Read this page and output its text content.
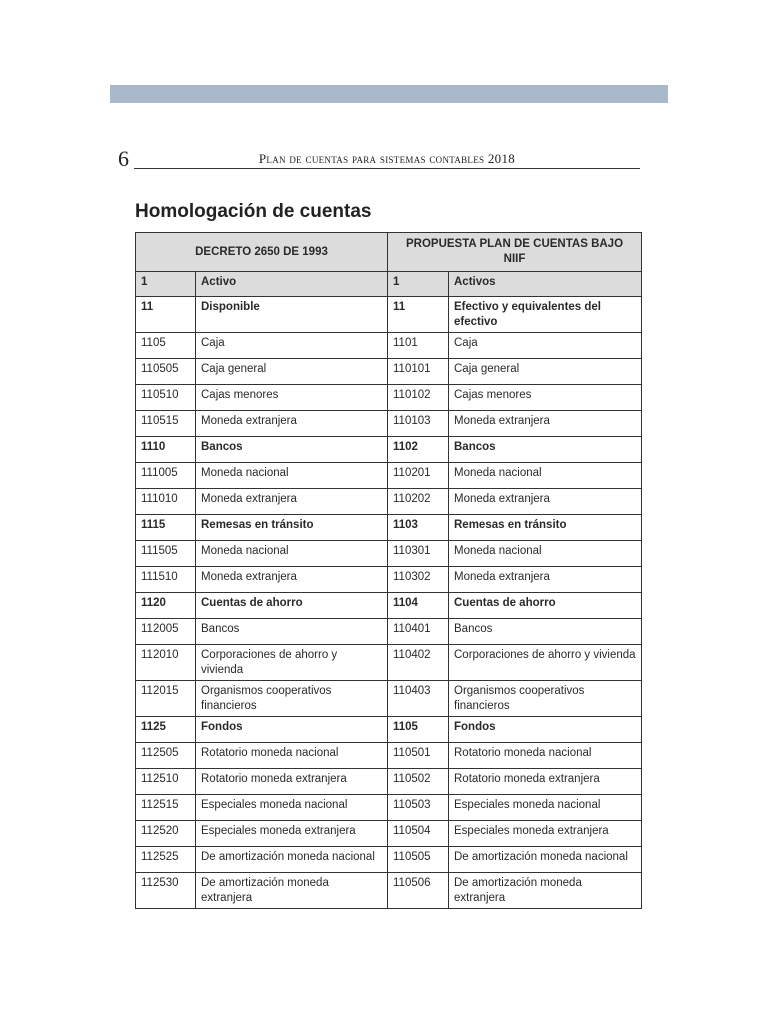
6	Plan de cuentas para sistemas contables 2018
Homologación de cuentas
DECRETO 2650 DE 1993		PROPUESTA PLAN DE CUENTAS BAJO NIIF	
1	Activo	1	Activos
11	Disponible	11	Efectivo y equivalentes del efectivo
1105	Caja	1101	Caja
110505	Caja general	110101	Caja general
110510	Cajas menores	110102	Cajas menores
110515	Moneda extranjera	110103	Moneda extranjera
1110	Bancos	1102	Bancos
111005	Moneda nacional	110201	Moneda nacional
111010	Moneda extranjera	110202	Moneda extranjera
1115	Remesas en tránsito	1103	Remesas en tránsito
111505	Moneda nacional	110301	Moneda nacional
111510	Moneda extranjera	110302	Moneda extranjera
1120	Cuentas de ahorro	1104	Cuentas de ahorro
112005	Bancos	110401	Bancos
112010	Corporaciones de ahorro y vivienda	110402	Corporaciones de ahorro y vivienda
112015	Organismos cooperativos financieros	110403	Organismos cooperativos financieros
1125	Fondos	1105	Fondos
112505	Rotatorio moneda nacional	110501	Rotatorio moneda nacional
112510	Rotatorio moneda extranjera	110502	Rotatorio moneda extranjera
112515	Especiales moneda nacional	110503	Especiales moneda nacional
112520	Especiales moneda extranjera	110504	Especiales moneda extranjera
112525	De amortización moneda nacional	110505	De amortización moneda nacional
112530	De amortización moneda extranjera	110506	De amortización moneda extranjera
